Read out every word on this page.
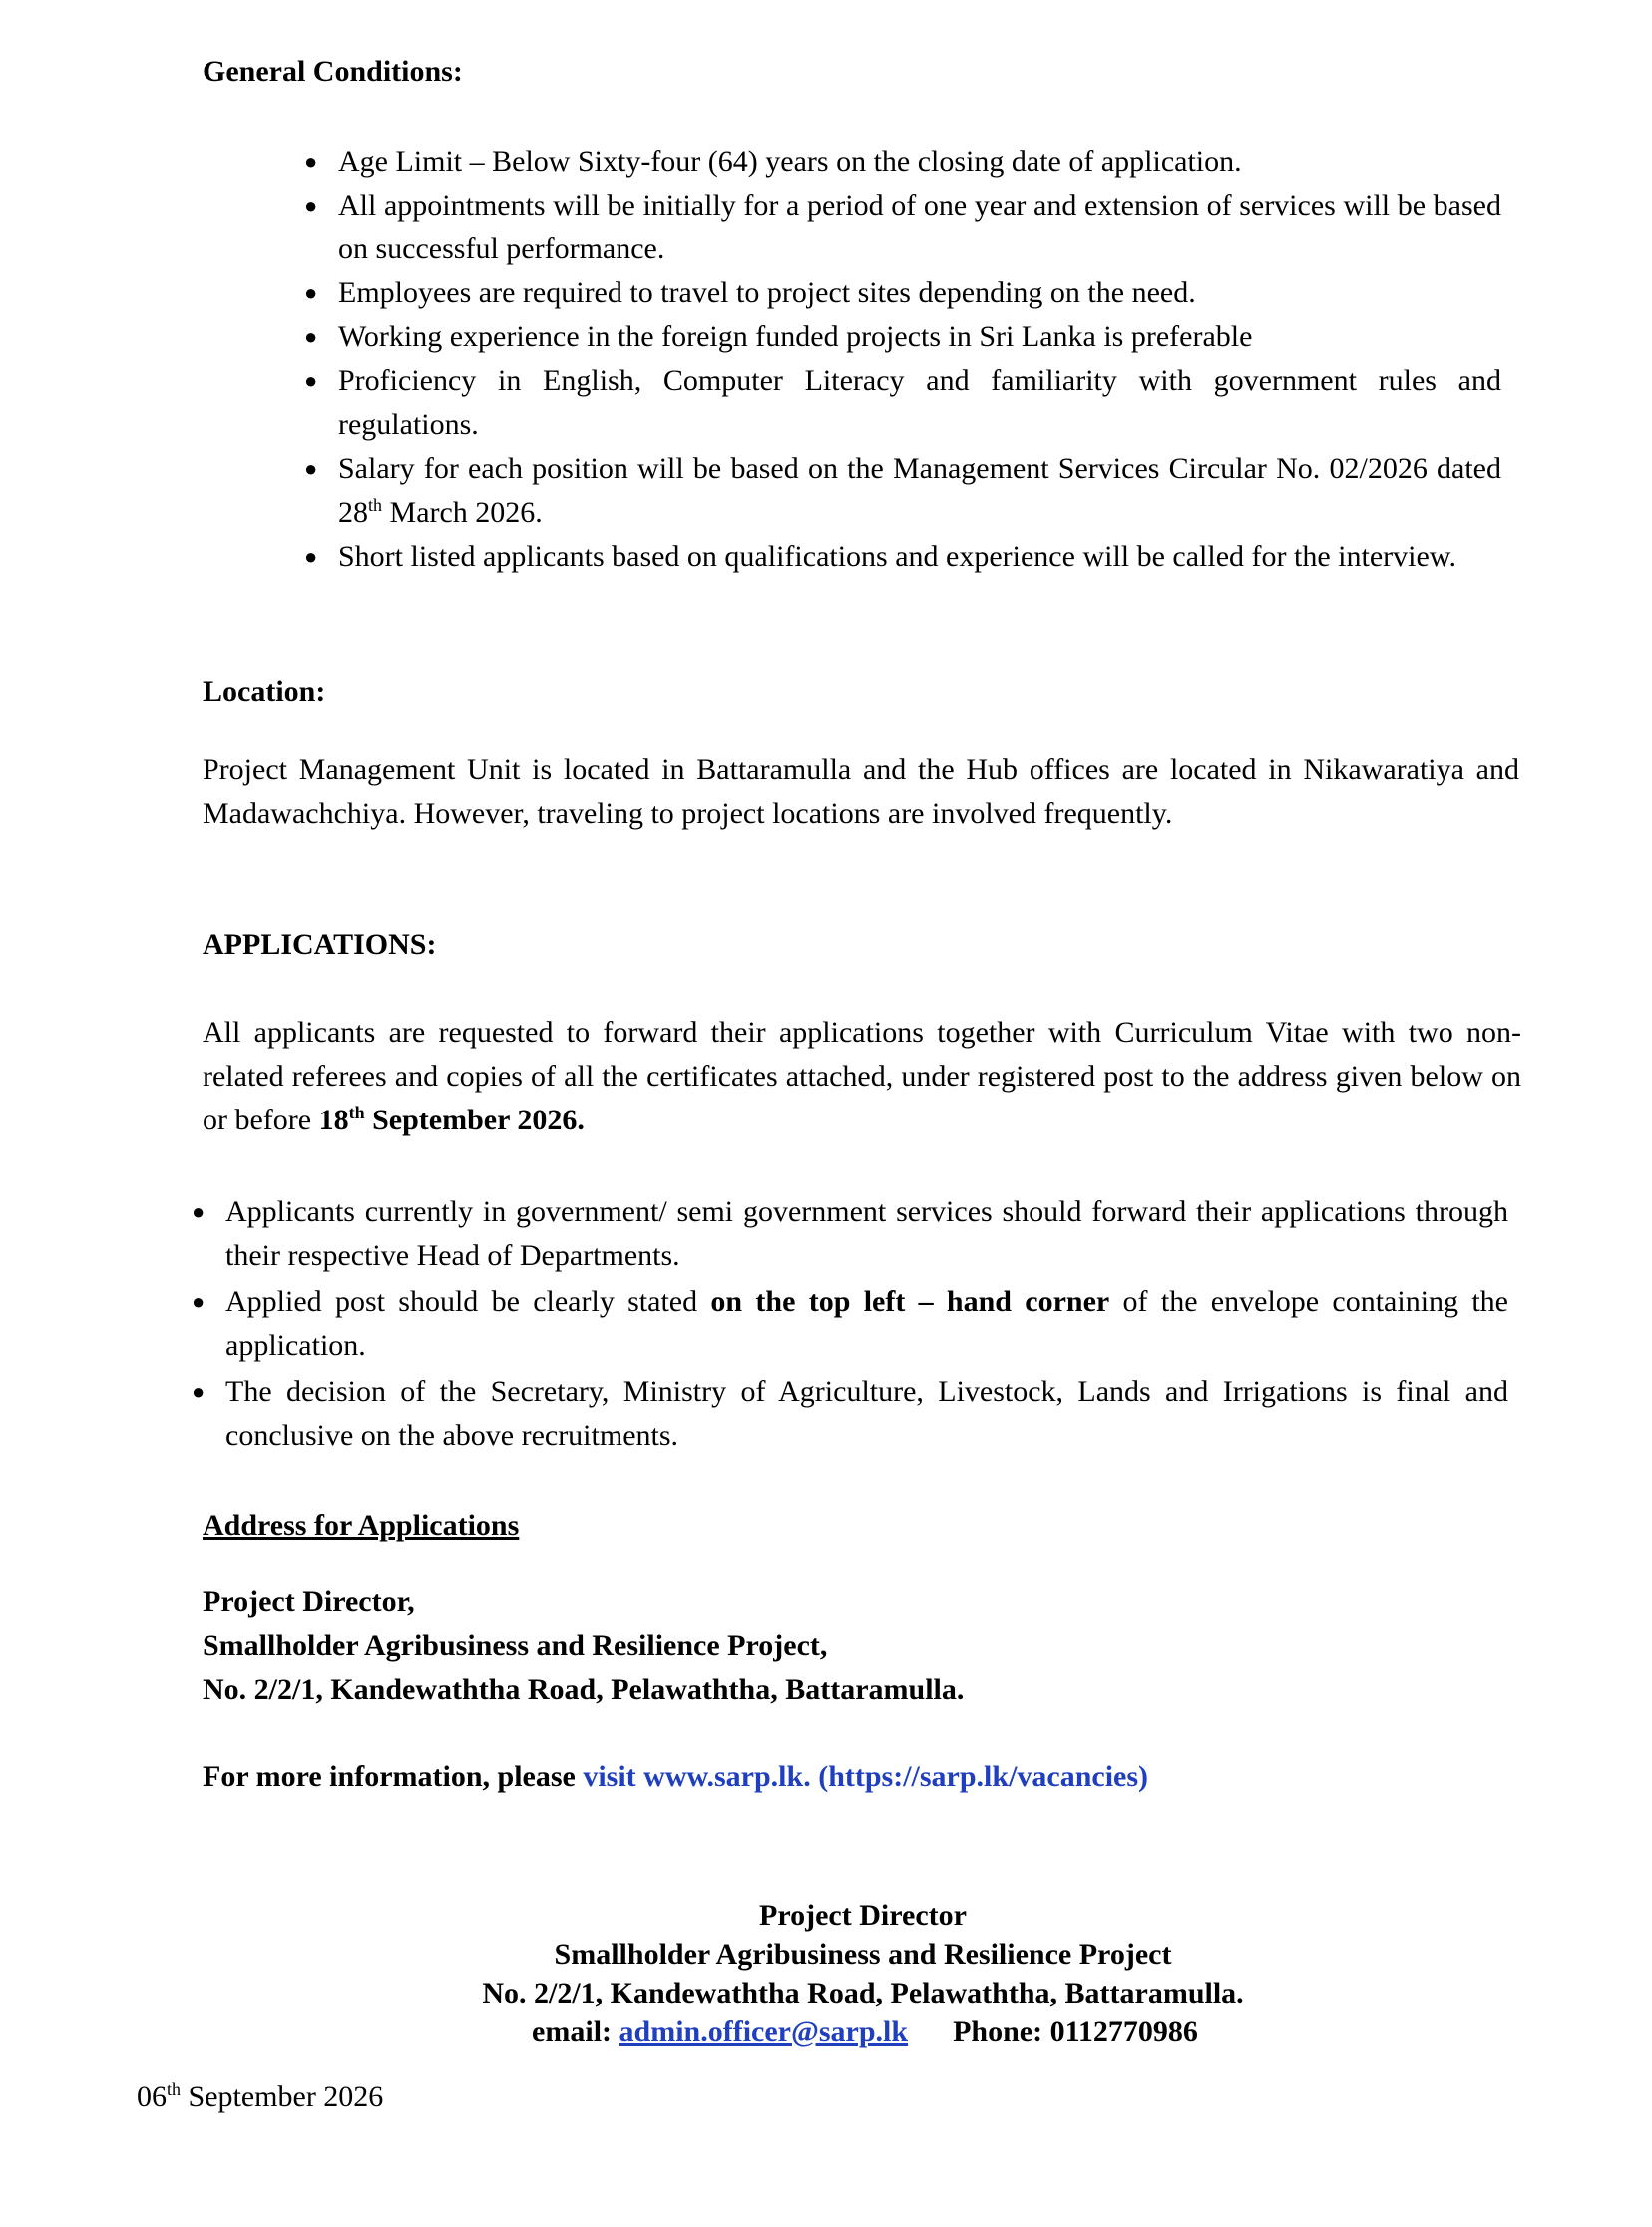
General Conditions:

● Age Limit – Below Sixty-four (64) years on the closing date of application.
● All appointments will be initially for a period of one year and extension of services will be based on successful performance.
● Employees are required to travel to project sites depending on the need.
● Working experience in the foreign funded projects in Sri Lanka is preferable
● Proficiency in English, Computer Literacy and familiarity with government rules and regulations.
● Salary for each position will be based on the Management Services Circular No. 02/2026 dated 28th March 2026.
● Short listed applicants based on qualifications and experience will be called for the interview.

Location:

Project Management Unit is located in Battaramulla and the Hub offices are located in Nikawaratiya and Madawachchiya. However, traveling to project locations are involved frequently.

APPLICATIONS:

All applicants are requested to forward their applications together with Curriculum Vitae with two non-related referees and copies of all the certificates attached, under registered post to the address given below on or before 18th September 2026.

● Applicants currently in government/ semi government services should forward their applications through their respective Head of Departments.
● Applied post should be clearly stated on the top left – hand corner of the envelope containing the application.
● The decision of the Secretary, Ministry of Agriculture, Livestock, Lands and Irrigations is final and conclusive on the above recruitments.

Address for Applications

Project Director,

Smallholder Agribusiness and Resilience Project,

No. 2/2/1, Kandewaththa Road, Pelawaththa, Battaramulla.

For more information, please visit www.sarp.lk. (https://sarp.lk/vacancies)

Project Director
Smallholder Agribusiness and Resilience Project
No. 2/2/1, Kandewaththa Road, Pelawaththa, Battaramulla.
email: admin.officer@sarp.lk Phone: 0112770986
06th September 2026
